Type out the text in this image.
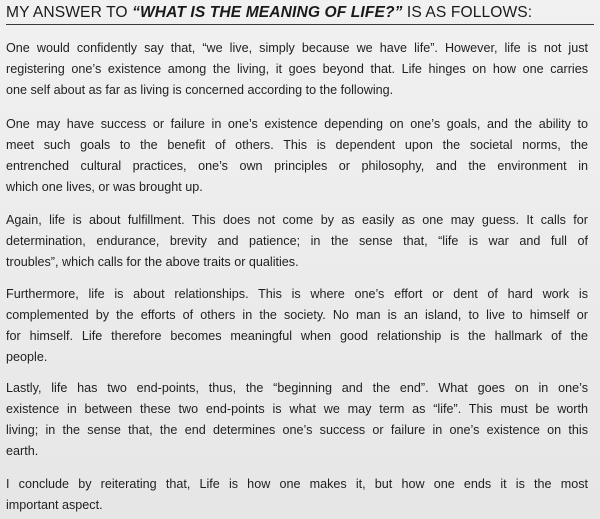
MY ANSWER TO “WHAT IS THE MEANING OF LIFE?” IS AS FOLLOWS:

One would confidently say that, “we live, simply because we have life”. However, life is not just
registering one’s existence among the living, it goes beyond that. Life hinges on how one carries
one self about as far as living is concerned according to the following.

One may have success or failure in one’s existence depending on one’s goals, and the ability to
meet such goals to the benefit of others. This is dependent upon the societal norms, the
entrenched cultural practices, one’s own principles or philosophy, and the environment in
which one lives, or was brought up.

Again, life is about fulfillment. This does not come by as easily as one may guess. It calls for
determination, endurance, brevity and patience; in the sense that, “life is war and full of
troubles”, which calls for the above traits or qualities.

Furthermore, life is about relationships. This is where one’s effort or dent of hard work is
complemented by the efforts of others in the society. No man is an island, to live to himself or
for himself. Life therefore becomes meaningful when good relationship is the hallmark of the
people.

Lastly, life has two end-points, thus, the “beginning and the end”. What goes on in one’s
existence in between these two end-points is what we may term as “life”. This must be worth
living; in the sense that, the end determines one’s success or failure in one’s existence on this
earth.

I conclude by reiterating that, Life is how one makes it, but how one ends it is the most
important aspect.
